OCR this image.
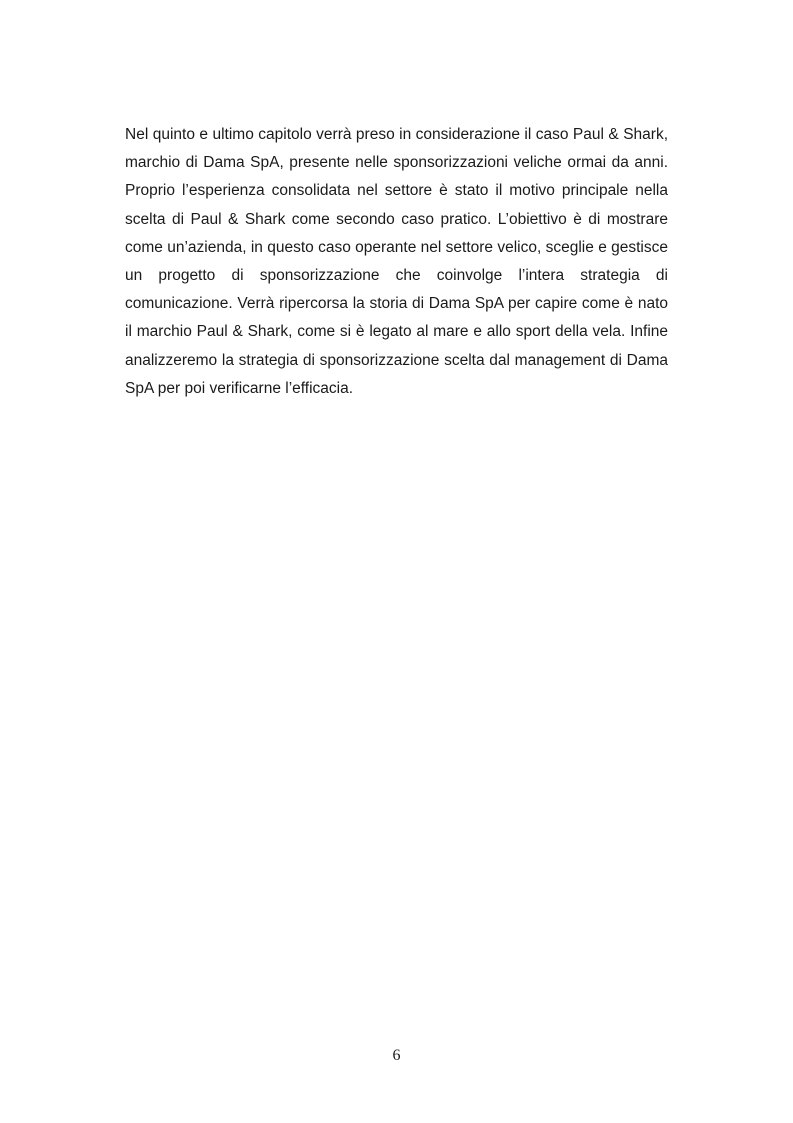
Nel quinto e ultimo capitolo verrà preso in considerazione il caso Paul & Shark, marchio di Dama SpA, presente nelle sponsorizzazioni veliche ormai da anni. Proprio l’esperienza consolidata nel settore è stato il motivo principale nella scelta di Paul & Shark come secondo caso pratico. L’obiettivo è di mostrare come un’azienda, in questo caso operante nel settore velico, sceglie e gestisce un progetto di sponsorizzazione che coinvolge l’intera strategia di comunicazione. Verrà ripercorsa la storia di Dama SpA per capire come è nato il marchio Paul & Shark, come si è legato al mare e allo sport della vela. Infine analizzeremo la strategia di sponsorizzazione scelta dal management di Dama SpA per poi verificarne l’efficacia.

6
